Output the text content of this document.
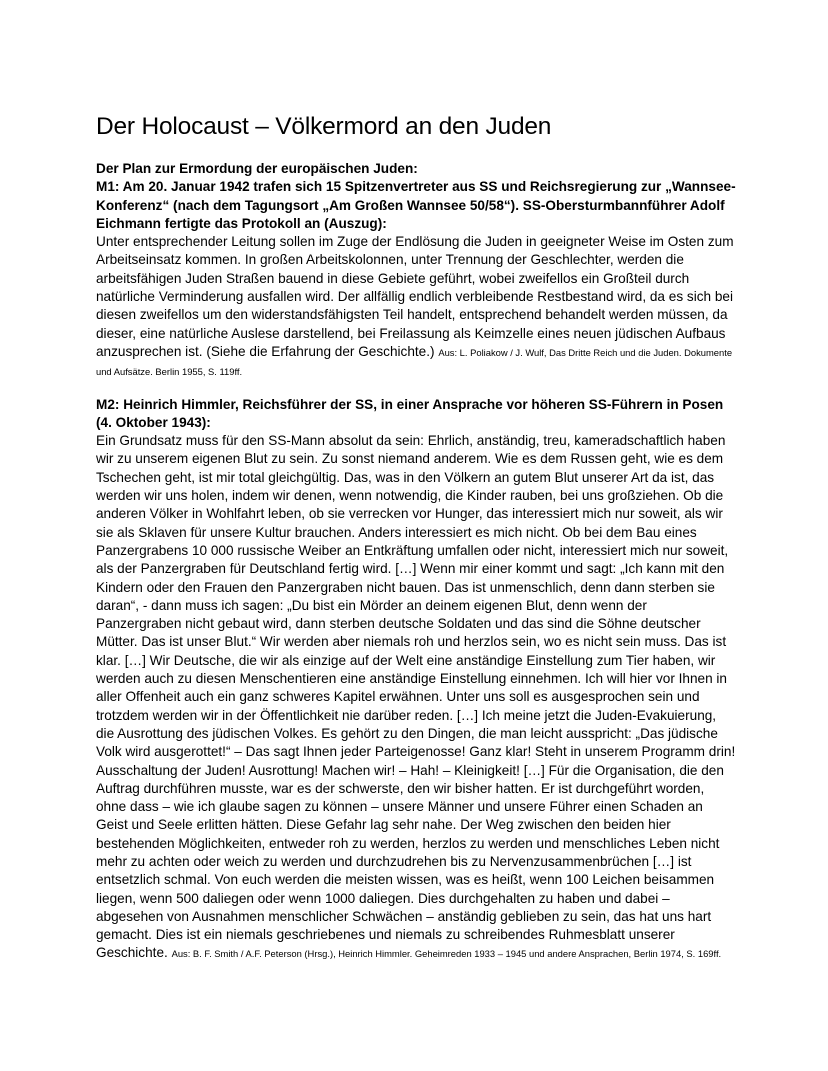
Der Holocaust – Völkermord an den Juden

Der Plan zur Ermordung der europäischen Juden:

M1: Am 20. Januar 1942 trafen sich 15 Spitzenvertreter aus SS und Reichsregierung zur „Wannsee-Konferenz“ (nach dem Tagungsort „Am Großen Wannsee 50/58“). SS-Obersturmbannführer Adolf Eichmann fertigte das Protokoll an (Auszug):

Unter entsprechender Leitung sollen im Zuge der Endlösung die Juden in geeigneter Weise im Osten zum Arbeitseinsatz kommen. In großen Arbeitskolonnen, unter Trennung der Geschlechter, werden die arbeitsfähigen Juden Straßen bauend in diese Gebiete geführt, wobei zweifellos ein Großteil durch natürliche Verminderung ausfallen wird. Der allfällig endlich verbleibende Restbestand wird, da es sich bei diesen zweifellos um den widerstandsfähigsten Teil handelt, entsprechend behandelt werden müssen, da dieser, eine natürliche Auslese darstellend, bei Freilassung als Keimzelle eines neuen jüdischen Aufbaus anzusprechen ist. (Siehe die Erfahrung der Geschichte.) Aus: L. Poliakow / J. Wulf, Das Dritte Reich und die Juden. Dokumente und Aufsätze. Berlin 1955, S. 119ff.

M2: Heinrich Himmler, Reichsführer der SS, in einer Ansprache vor höheren SS-Führern in Posen (4. Oktober 1943):

Ein Grundsatz muss für den SS-Mann absolut da sein: Ehrlich, anständig, treu, kameradschaftlich haben wir zu unserem eigenen Blut zu sein. Zu sonst niemand anderem. Wie es dem Russen geht, wie es dem Tschechen geht, ist mir total gleichgültig. Das, was in den Völkern an gutem Blut unserer Art da ist, das werden wir uns holen, indem wir denen, wenn notwendig, die Kinder rauben, bei uns großziehen. Ob die anderen Völker in Wohlfahrt leben, ob sie verrecken vor Hunger, das interessiert mich nur soweit, als wir sie als Sklaven für unsere Kultur brauchen. Anders interessiert es mich nicht. Ob bei dem Bau eines Panzergrabens 10 000 russische Weiber an Entkräftung umfallen oder nicht, interessiert mich nur soweit, als der Panzergraben für Deutschland fertig wird. […] Wenn mir einer kommt und sagt: „Ich kann mit den Kindern oder den Frauen den Panzergraben nicht bauen. Das ist unmenschlich, denn dann sterben sie daran“, - dann muss ich sagen: „Du bist ein Mörder an deinem eigenen Blut, denn wenn der Panzergraben nicht gebaut wird, dann sterben deutsche Soldaten und das sind die Söhne deutscher Mütter. Das ist unser Blut.“ Wir werden aber niemals roh und herzlos sein, wo es nicht sein muss. Das ist klar. […] Wir Deutsche, die wir als einzige auf der Welt eine anständige Einstellung zum Tier haben, wir werden auch zu diesen Menschentieren eine anständige Einstellung einnehmen. Ich will hier vor Ihnen in aller Offenheit auch ein ganz schweres Kapitel erwähnen. Unter uns soll es ausgesprochen sein und trotzdem werden wir in der Öffentlichkeit nie darüber reden. […] Ich meine jetzt die Juden-Evakuierung, die Ausrottung des jüdischen Volkes. Es gehört zu den Dingen, die man leicht ausspricht: „Das jüdische Volk wird ausgerottet!“ – Das sagt Ihnen jeder Parteigenosse! Ganz klar! Steht in unserem Programm drin! Ausschaltung der Juden! Ausrottung! Machen wir! – Hah! – Kleinigkeit! […] Für die Organisation, die den Auftrag durchführen musste, war es der schwerste, den wir bisher hatten. Er ist durchgeführt worden, ohne dass – wie ich glaube sagen zu können – unsere Männer und unsere Führer einen Schaden an Geist und Seele erlitten hätten. Diese Gefahr lag sehr nahe. Der Weg zwischen den beiden hier bestehenden Möglichkeiten, entweder roh zu werden, herzlos zu werden und menschliches Leben nicht mehr zu achten oder weich zu werden und durchzudrehen bis zu Nervenzusammenbrüchen […] ist entsetzlich schmal. Von euch werden die meisten wissen, was es heißt, wenn 100 Leichen beisammen liegen, wenn 500 daliegen oder wenn 1000 daliegen. Dies durchgehalten zu haben und dabei – abgesehen von Ausnahmen menschlicher Schwächen – anständig geblieben zu sein, das hat uns hart gemacht. Dies ist ein niemals geschriebenes und niemals zu schreibendes Ruhmesblatt unserer Geschichte. Aus: B. F. Smith / A.F. Peterson (Hrsg.), Heinrich Himmler. Geheimreden 1933 – 1945 und andere Ansprachen, Berlin 1974, S. 169ff.
